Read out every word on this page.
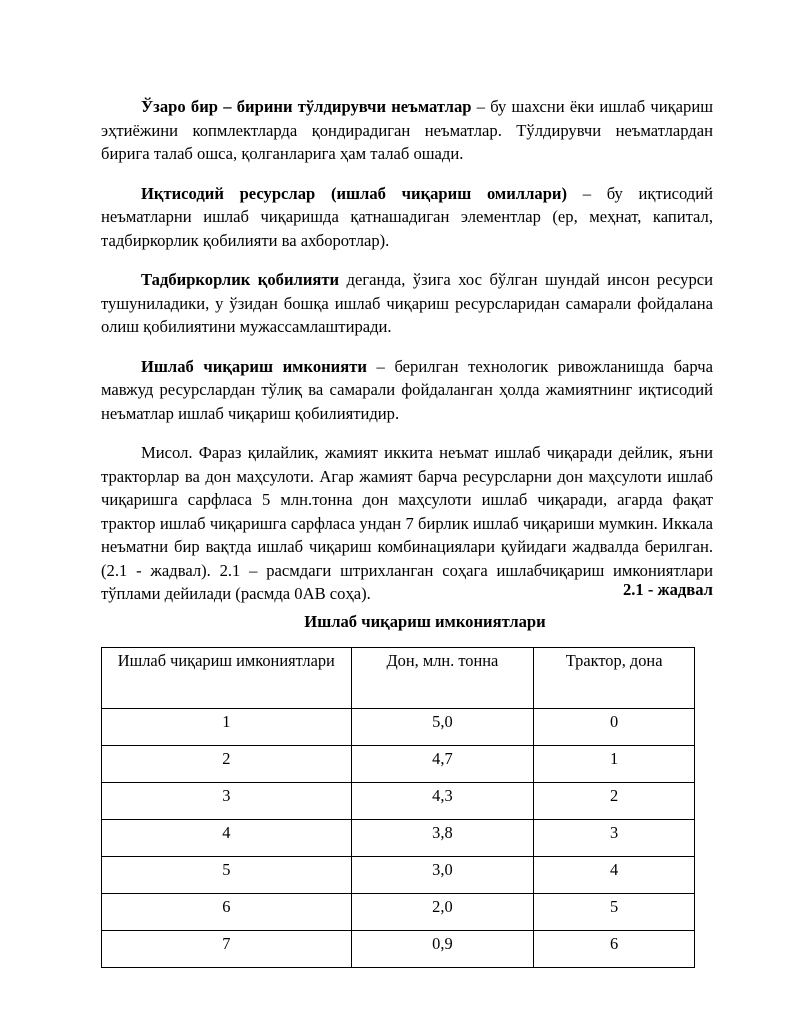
Ўзаро бир – бирини тўлдирувчи неъматлар – бу шахсни ёки ишлаб чиқариш эҳтиёжини копмлектларда қондирадиган неъматлар. Тўлдирувчи неъматлардан бирига талаб ошса, қолганларига ҳам талаб ошади.

Иқтисодий ресурслар (ишлаб чиқариш омиллари) – бу иқтисодий неъматларни ишлаб чиқаришда қатнашадиган элементлар (ер, меҳнат, капитал, тадбиркорлик қобилияти ва ахборотлар).

Тадбиркорлик қобилияти деганда, ўзига хос бўлган шундай инсон ресурси тушуниладики, у ўзидан бошқа ишлаб чиқариш ресурсларидан самарали фойдалана олиш қобилиятини мужассамлаштиради.

Ишлаб чиқариш имконияти – берилган технологик ривожланишда барча мавжуд ресурслардан тўлиқ ва самарали фойдаланган ҳолда жамиятнинг иқтисодий неъматлар ишлаб чиқариш қобилиятидир.

Мисол. Фараз қилайлик, жамият иккита неъмат ишлаб чиқаради дейлик, яъни тракторлар ва дон маҳсулоти. Агар жамият барча ресурсларни дон маҳсулоти ишлаб чиқаришга сарфласа 5 млн.тонна дон маҳсулоти ишлаб чиқаради, агарда фақат трактор ишлаб чиқаришга сарфласа ундан 7 бирлик ишлаб чиқариши мумкин. Иккала неъматни бир вақтда ишлаб чиқариш комбинациялари қуйидаги жадвалда берилган.(2.1 - жадвал). 2.1 – расмдаги штрихланган соҳага ишлабчиқариш имкониятлари тўплами дейилади (расмда 0АВ соҳа).	2.1 - жадвал
Ишлаб чиқариш имкониятлари
Ишлаб чиқариш имкониятлари	Дон, млн. тонна	Трактор, дона
1	5,0	0
2	4,7	1
3	4,3	2
4	3,8	3
5	3,0	4
6	2,0	5
7	0,9	6
